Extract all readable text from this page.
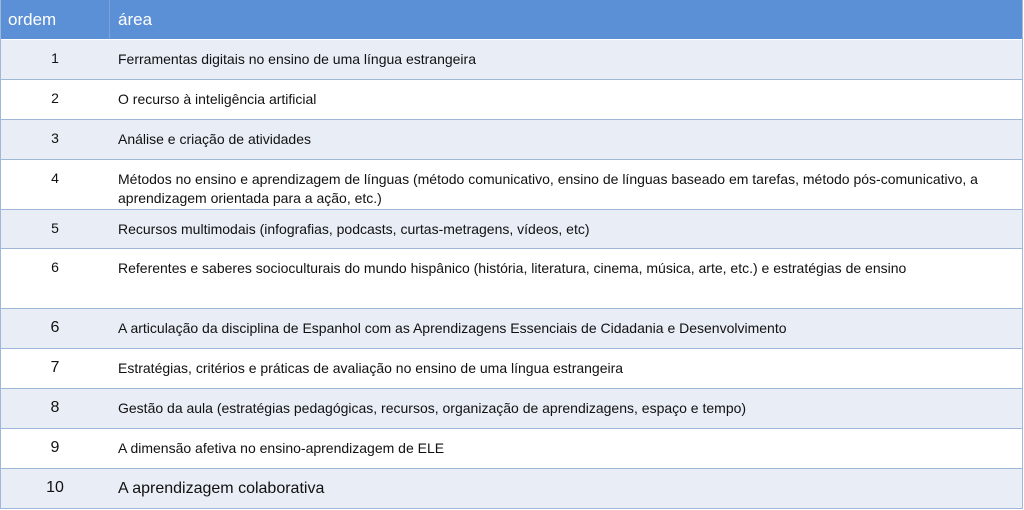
ordem	área
1	Ferramentas digitais no ensino de uma língua estrangeira
2	O recurso à inteligência artificial
3	Análise e criação de atividades
4	Métodos no ensino e aprendizagem de línguas (método comunicativo, ensino de línguas baseado em tarefas, método pós-comunicativo, a aprendizagem orientada para a ação, etc.)
5	Recursos multimodais (infografias, podcasts, curtas-metragens, vídeos, etc)
6	Referentes e saberes socioculturais do mundo hispânico (história, literatura, cinema, música, arte, etc.) e estratégias de ensino
6	A articulação da disciplina de Espanhol com as Aprendizagens Essenciais de Cidadania e Desenvolvimento
7	Estratégias, critérios e práticas de avaliação no ensino de uma língua estrangeira
8	Gestão da aula (estratégias pedagógicas, recursos, organização de aprendizagens, espaço e tempo)
9	A dimensão afetiva no ensino-aprendizagem de ELE
10	A aprendizagem colaborativa
